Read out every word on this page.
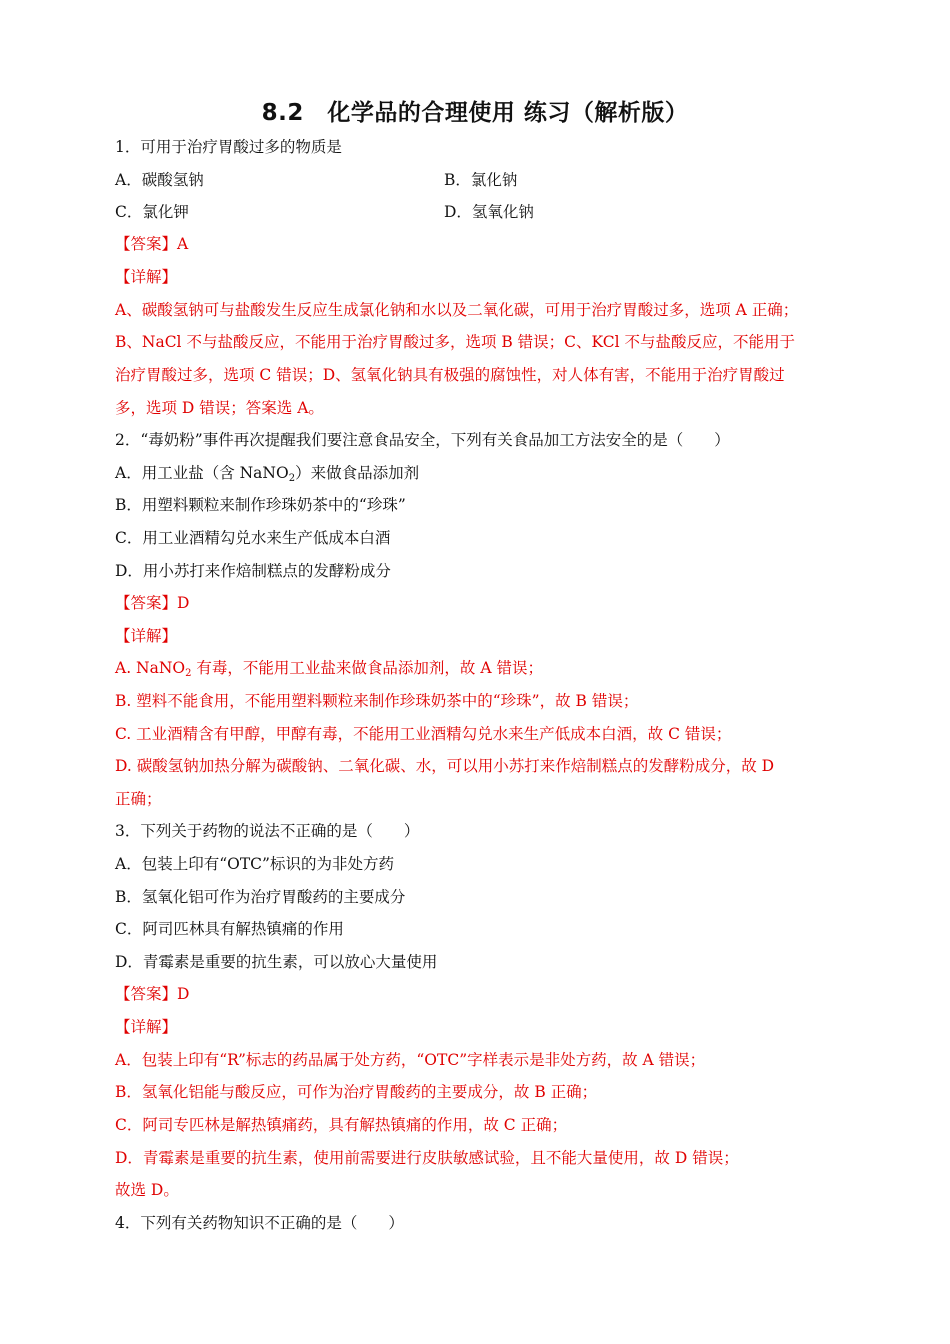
8.2　化学品的合理使用 练习（解析版）
1．可用于治疗胃酸过多的物质是
A．碳酸氢钠	B．氯化钠
C．氯化钾	D．氢氧化钠
【答案】A
【详解】
A、碳酸氢钠可与盐酸发生反应生成氯化钠和水以及二氧化碳，可用于治疗胃酸过多，选项 A 正确；
B、NaCl 不与盐酸反应，不能用于治疗胃酸过多，选项 B 错误；C、KCl 不与盐酸反应，不能用于
治疗胃酸过多，选项 C 错误；D、氢氧化钠具有极强的腐蚀性，对人体有害，不能用于治疗胃酸过
多，选项 D 错误；答案选 A。
2．“毒奶粉”事件再次提醒我们要注意食品安全，下列有关食品加工方法安全的是（　　）
A．用工业盐（含 NaNO$_2$）来做食品添加剂
B．用塑料颗粒来制作珍珠奶茶中的“珍珠”
C．用工业酒精勾兑水来生产低成本白酒
D．用小苏打来作焙制糕点的发酵粉成分
【答案】D
【详解】
A. NaNO$_2$ 有毒，不能用工业盐来做食品添加剂，故 A 错误；
B. 塑料不能食用，不能用塑料颗粒来制作珍珠奶茶中的“珍珠”，故 B 错误；
C. 工业酒精含有甲醇，甲醇有毒，不能用工业酒精勾兑水来生产低成本白酒，故 C 错误；
D. 碳酸氢钠加热分解为碳酸钠、二氧化碳、水，可以用小苏打来作焙制糕点的发酵粉成分，故 D
正确；
3．下列关于药物的说法不正确的是（　　）
A．包装上印有“OTC”标识的为非处方药
B．氢氧化铝可作为治疗胃酸药的主要成分
C．阿司匹林具有解热镇痛的作用
D．青霉素是重要的抗生素，可以放心大量使用
【答案】D
【详解】
A．包装上印有“R”标志的药品属于处方药，“OTC”字样表示是非处方药，故 A 错误；
B．氢氧化铝能与酸反应，可作为治疗胃酸药的主要成分，故 B 正确；
C．阿司专匹林是解热镇痛药，具有解热镇痛的作用，故 C 正确；
D．青霉素是重要的抗生素，使用前需要进行皮肤敏感试验，且不能大量使用，故 D 错误；
故选 D。
4．下列有关药物知识不正确的是（　　）
